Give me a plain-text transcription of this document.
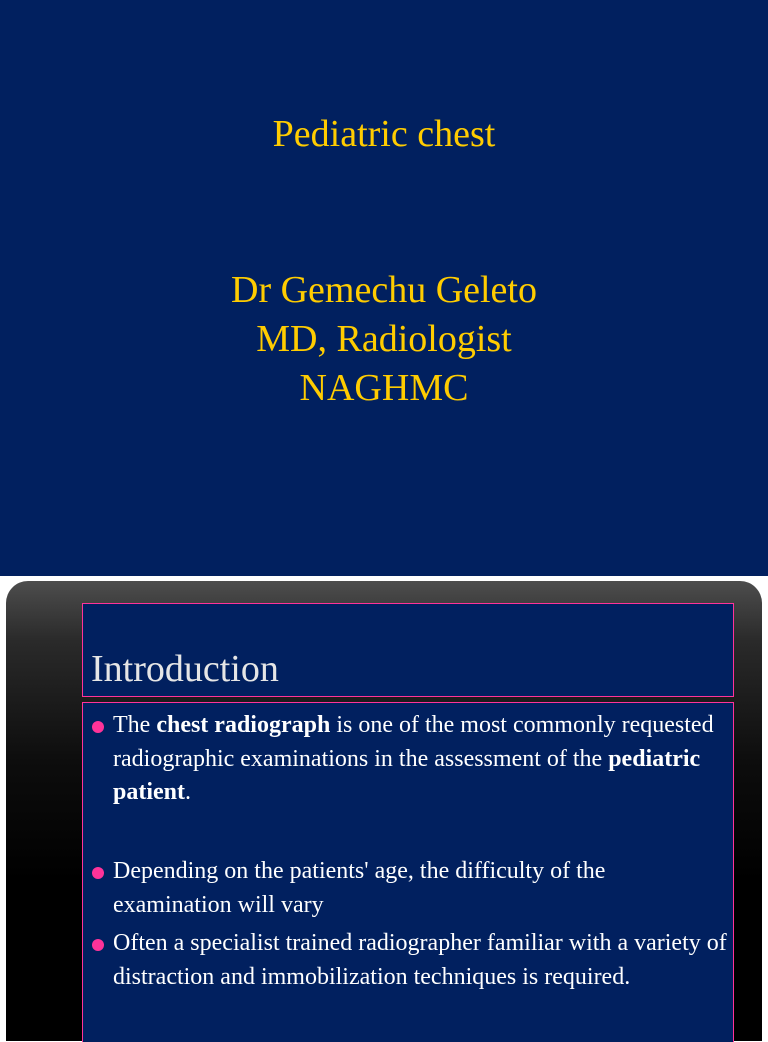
Pediatric chest
Dr Gemechu Geleto
MD, Radiologist
NAGHMC
Introduction
The chest radiograph is one of the most commonly requested radiographic examinations in the assessment of the pediatric patient.
Depending on the patients' age, the difficulty of the examination will vary
Often a specialist trained radiographer familiar with a variety of distraction and immobilization techniques is required.
